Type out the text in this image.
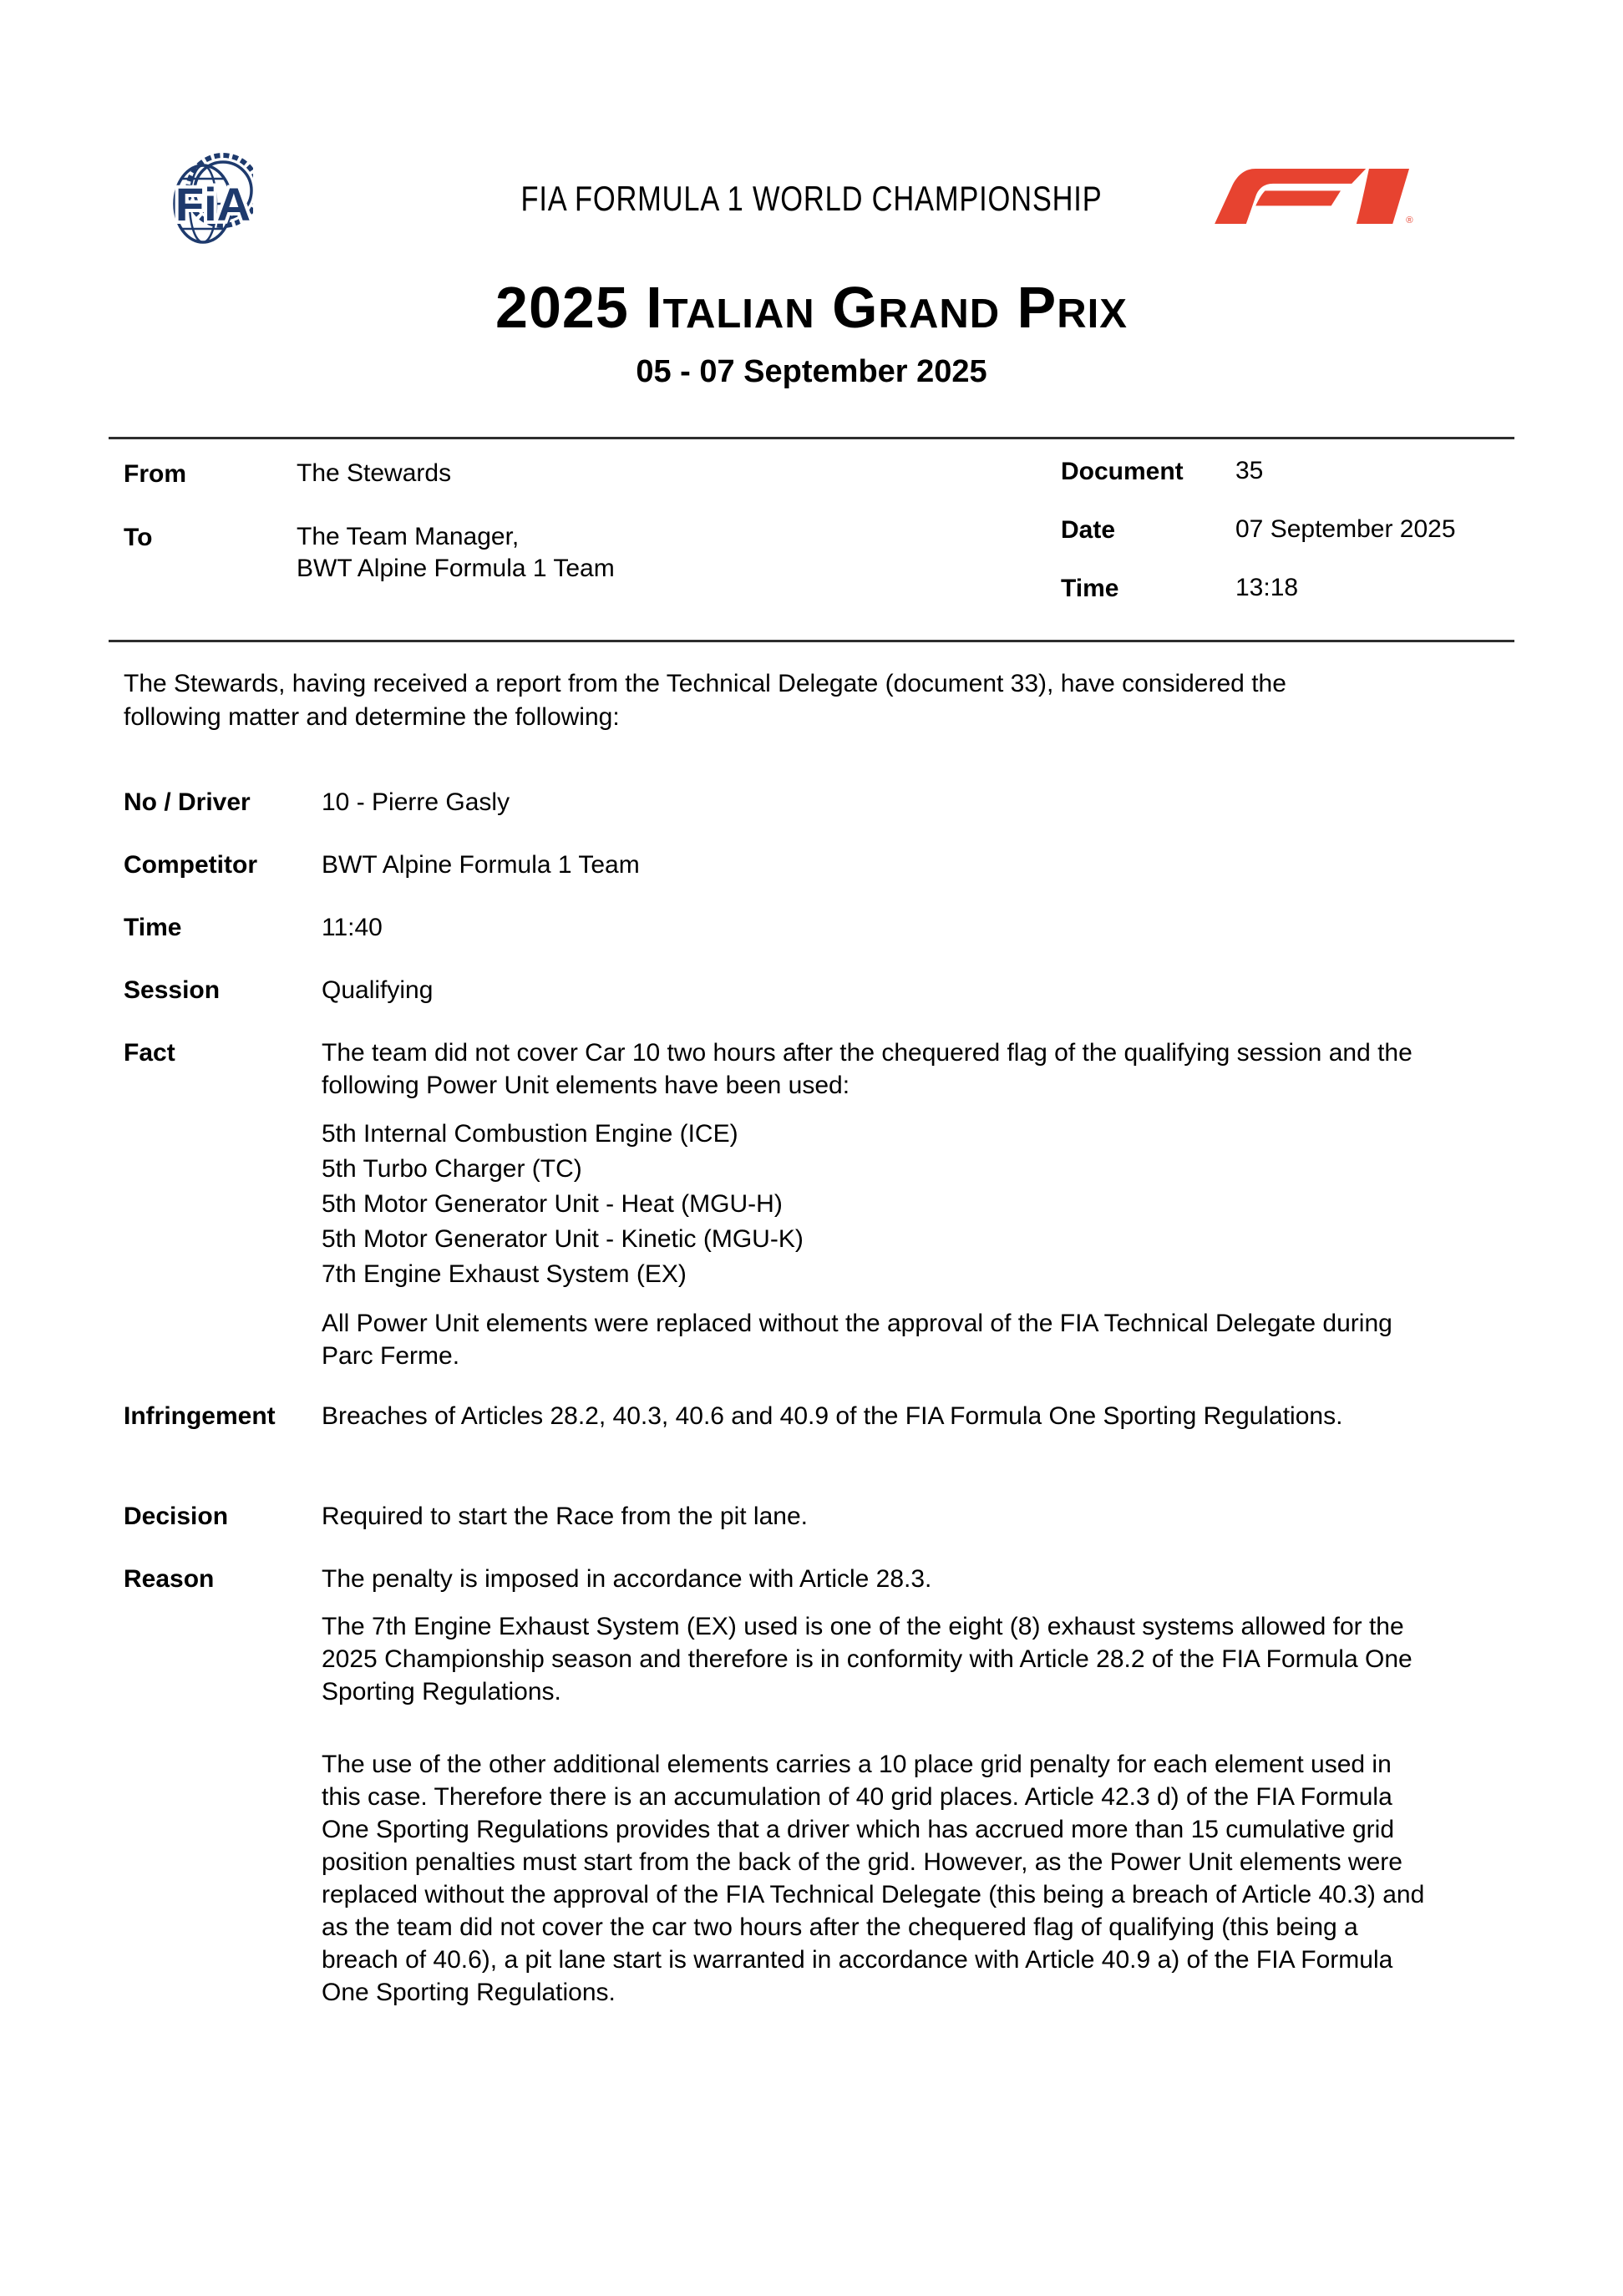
FiA	FIA FORMULA 1 WORLD CHAMPIONSHIP
®
2025 Italian Grand Prix
05 - 07 September 2025
From	The Stewards
To	The Team Manager,
BWT Alpine Formula 1 Team
Document 35
Date	07 September 2025
Time	13:18
The Stewards, having received a report from the Technical Delegate (document 33), have considered the following matter and determine the following:
No / Driver	10 - Pierre Gasly
Competitor	BWT Alpine Formula 1 Team
Time	11:40
Session	Qualifying
Fact	The team did not cover Car 10 two hours after the chequered flag of the qualifying session and the following Power Unit elements have been used:
5th Internal Combustion Engine (ICE)
5th Turbo Charger (TC)
5th Motor Generator Unit - Heat (MGU-H)
5th Motor Generator Unit - Kinetic (MGU-K)
7th Engine Exhaust System (EX)
All Power Unit elements were replaced without the approval of the FIA Technical Delegate during Parc Ferme.
Infringement Breaches of Articles 28.2, 40.3, 40.6 and 40.9 of the FIA Formula One Sporting Regulations.
Decision	Required to start the Race from the pit lane.
Reason	The penalty is imposed in accordance with Article 28.3.
The 7th Engine Exhaust System (EX) used is one of the eight (8) exhaust systems allowed for the 2025 Championship season and therefore is in conformity with Article 28.2 of the FIA Formula One Sporting Regulations.
The use of the other additional elements carries a 10 place grid penalty for each element used in this case. Therefore there is an accumulation of 40 grid places. Article 42.3 d) of the FIA Formula One Sporting Regulations provides that a driver which has accrued more than 15 cumulative grid position penalties must start from the back of the grid. However, as the Power Unit elements were replaced without the approval of the FIA Technical Delegate (this being a breach of Article 40.3) and as the team did not cover the car two hours after the chequered flag of qualifying (this being a breach of 40.6), a pit lane start is warranted in accordance with Article 40.9 a) of the FIA Formula One Sporting Regulations.
